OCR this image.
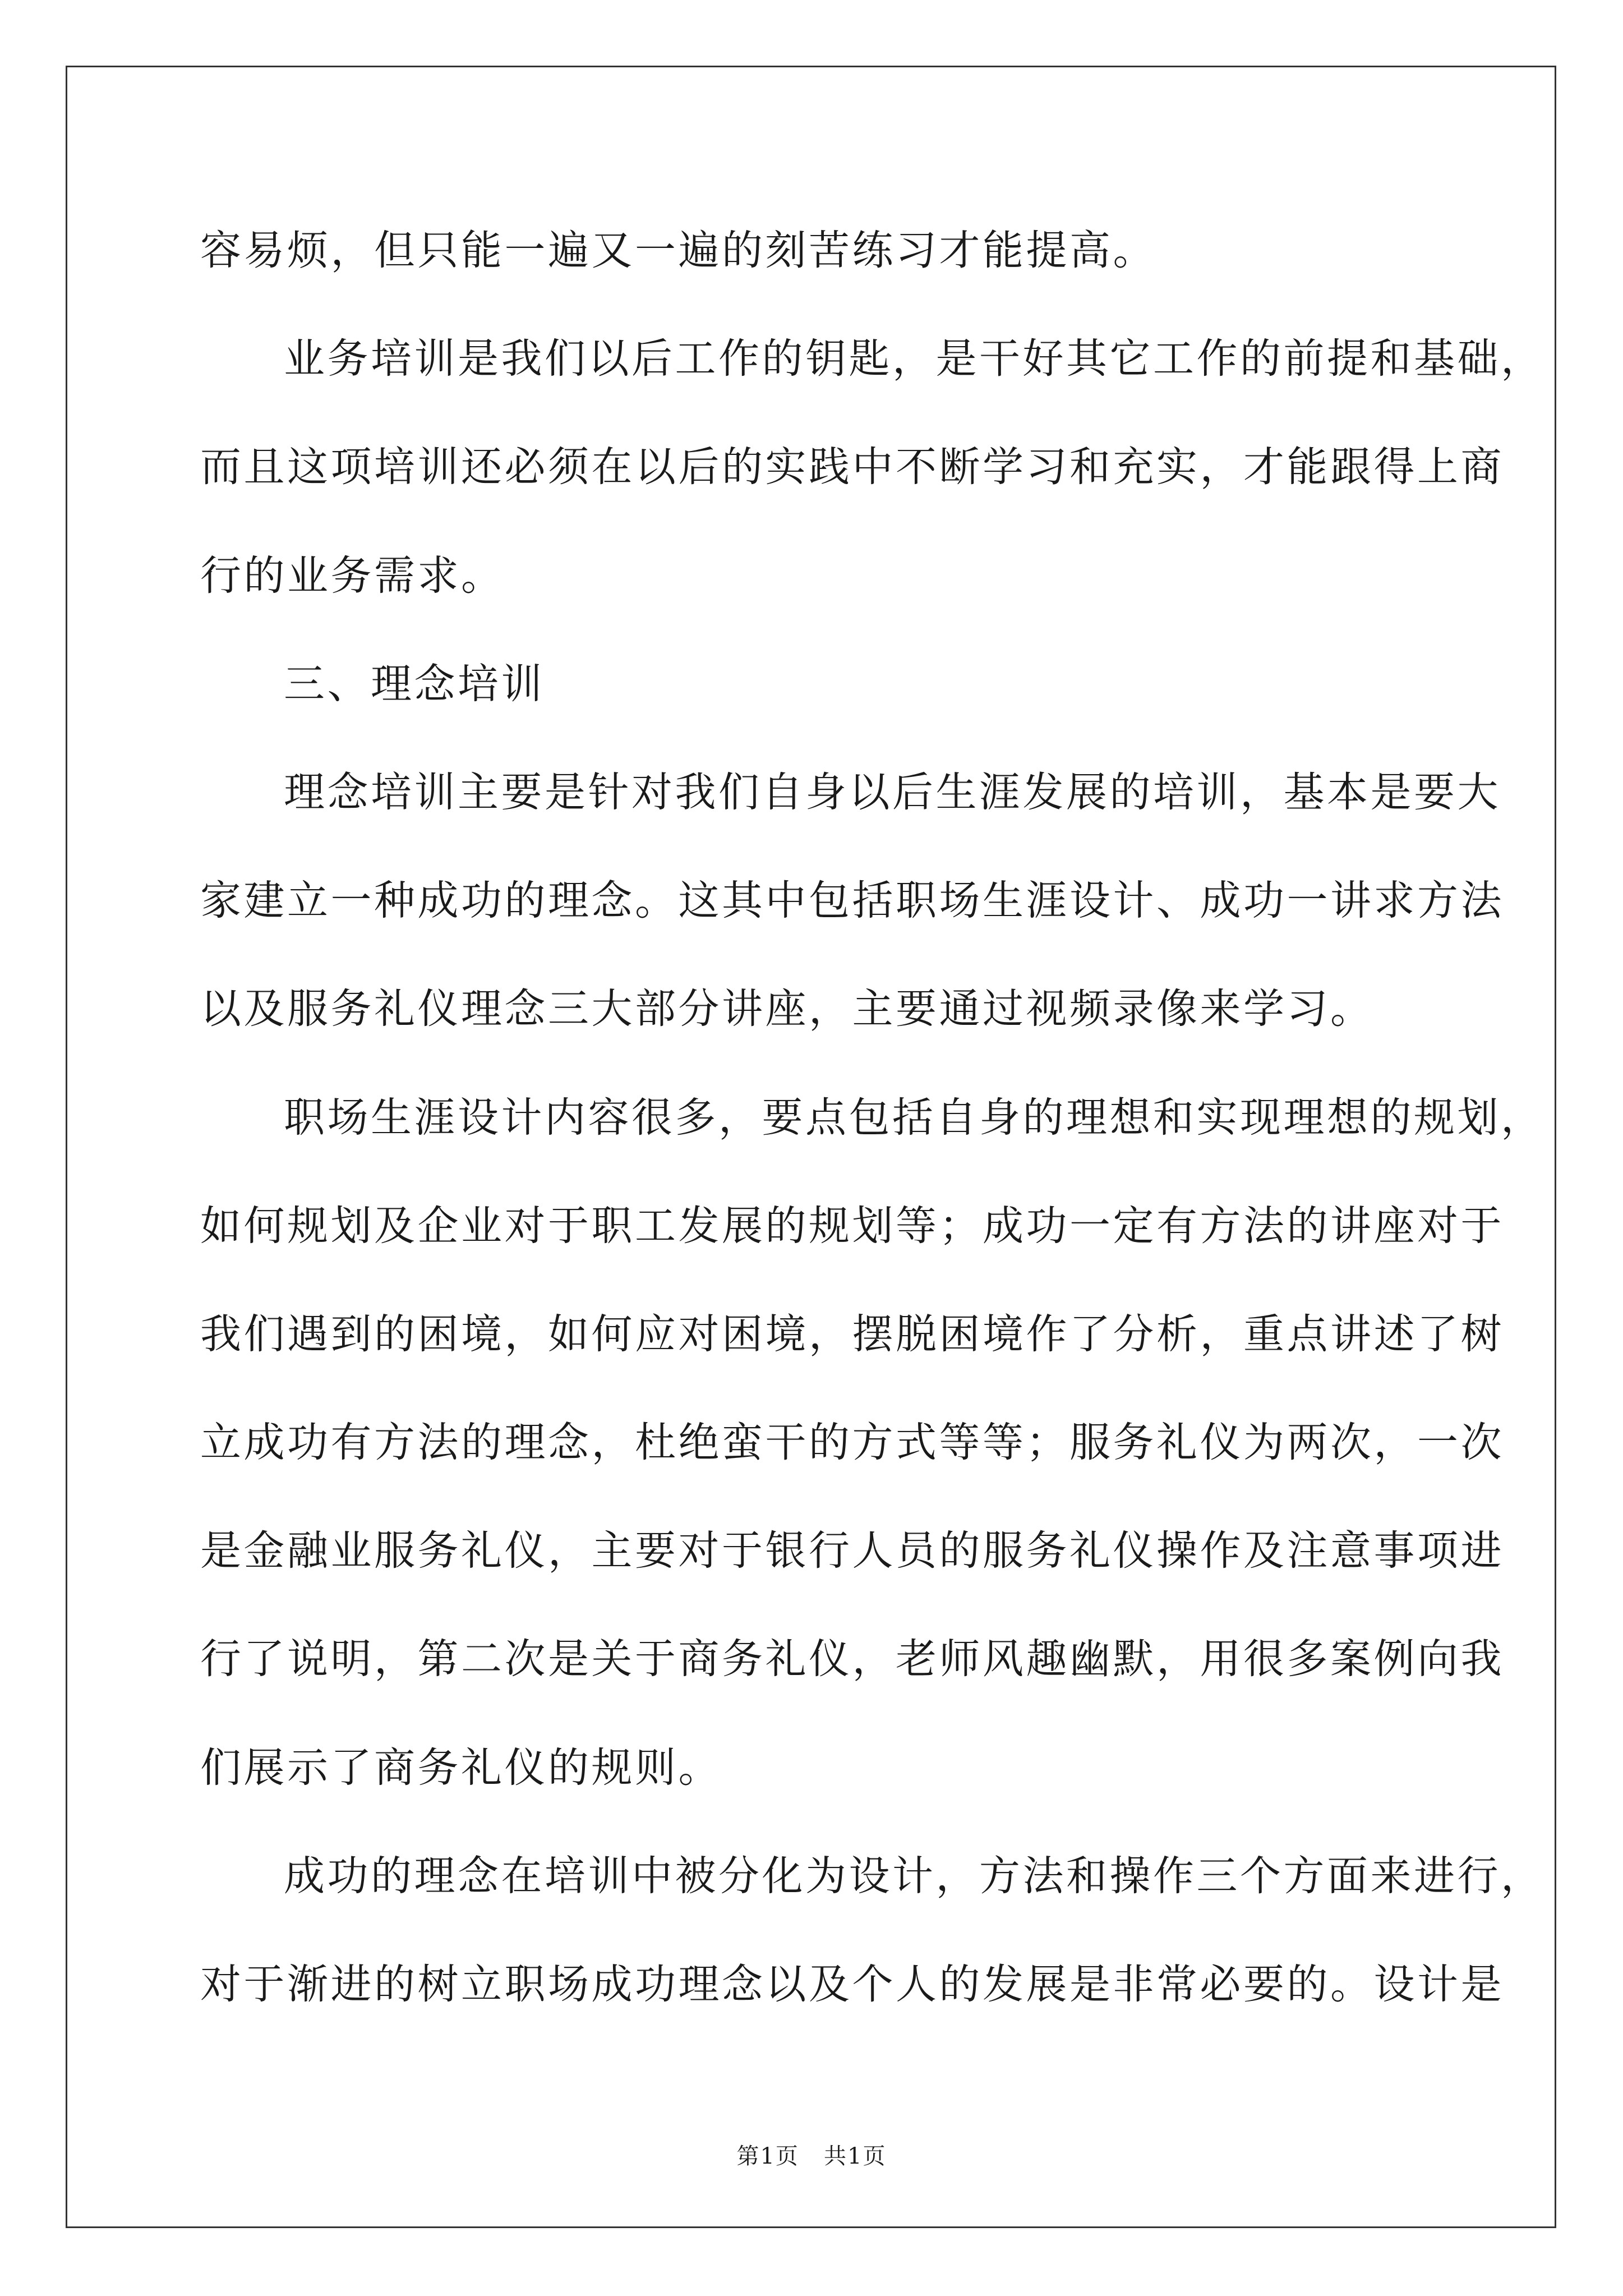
容易烦，但只能一遍又一遍的刻苦练习才能提高。
业务培训是我们以后工作的钥匙，是干好其它工作的前提和基础，
而且这项培训还必须在以后的实践中不断学习和充实，才能跟得上商
行的业务需求。
三、理念培训
理念培训主要是针对我们自身以后生涯发展的培训，基本是要大
家建立一种成功的理念。这其中包括职场生涯设计、成功一讲求方法
以及服务礼仪理念三大部分讲座，主要通过视频录像来学习。
职场生涯设计内容很多，要点包括自身的理想和实现理想的规划，
如何规划及企业对于职工发展的规划等；成功一定有方法的讲座对于
我们遇到的困境，如何应对困境，摆脱困境作了分析，重点讲述了树
立成功有方法的理念，杜绝蛮干的方式等等；服务礼仪为两次，一次
是金融业服务礼仪，主要对于银行人员的服务礼仪操作及注意事项进
行了说明，第二次是关于商务礼仪，老师风趣幽默，用很多案例向我
们展示了商务礼仪的规则。
成功的理念在培训中被分化为设计，方法和操作三个方面来进行，
对于渐进的树立职场成功理念以及个人的发展是非常必要的。设计是
第1页   共1页
